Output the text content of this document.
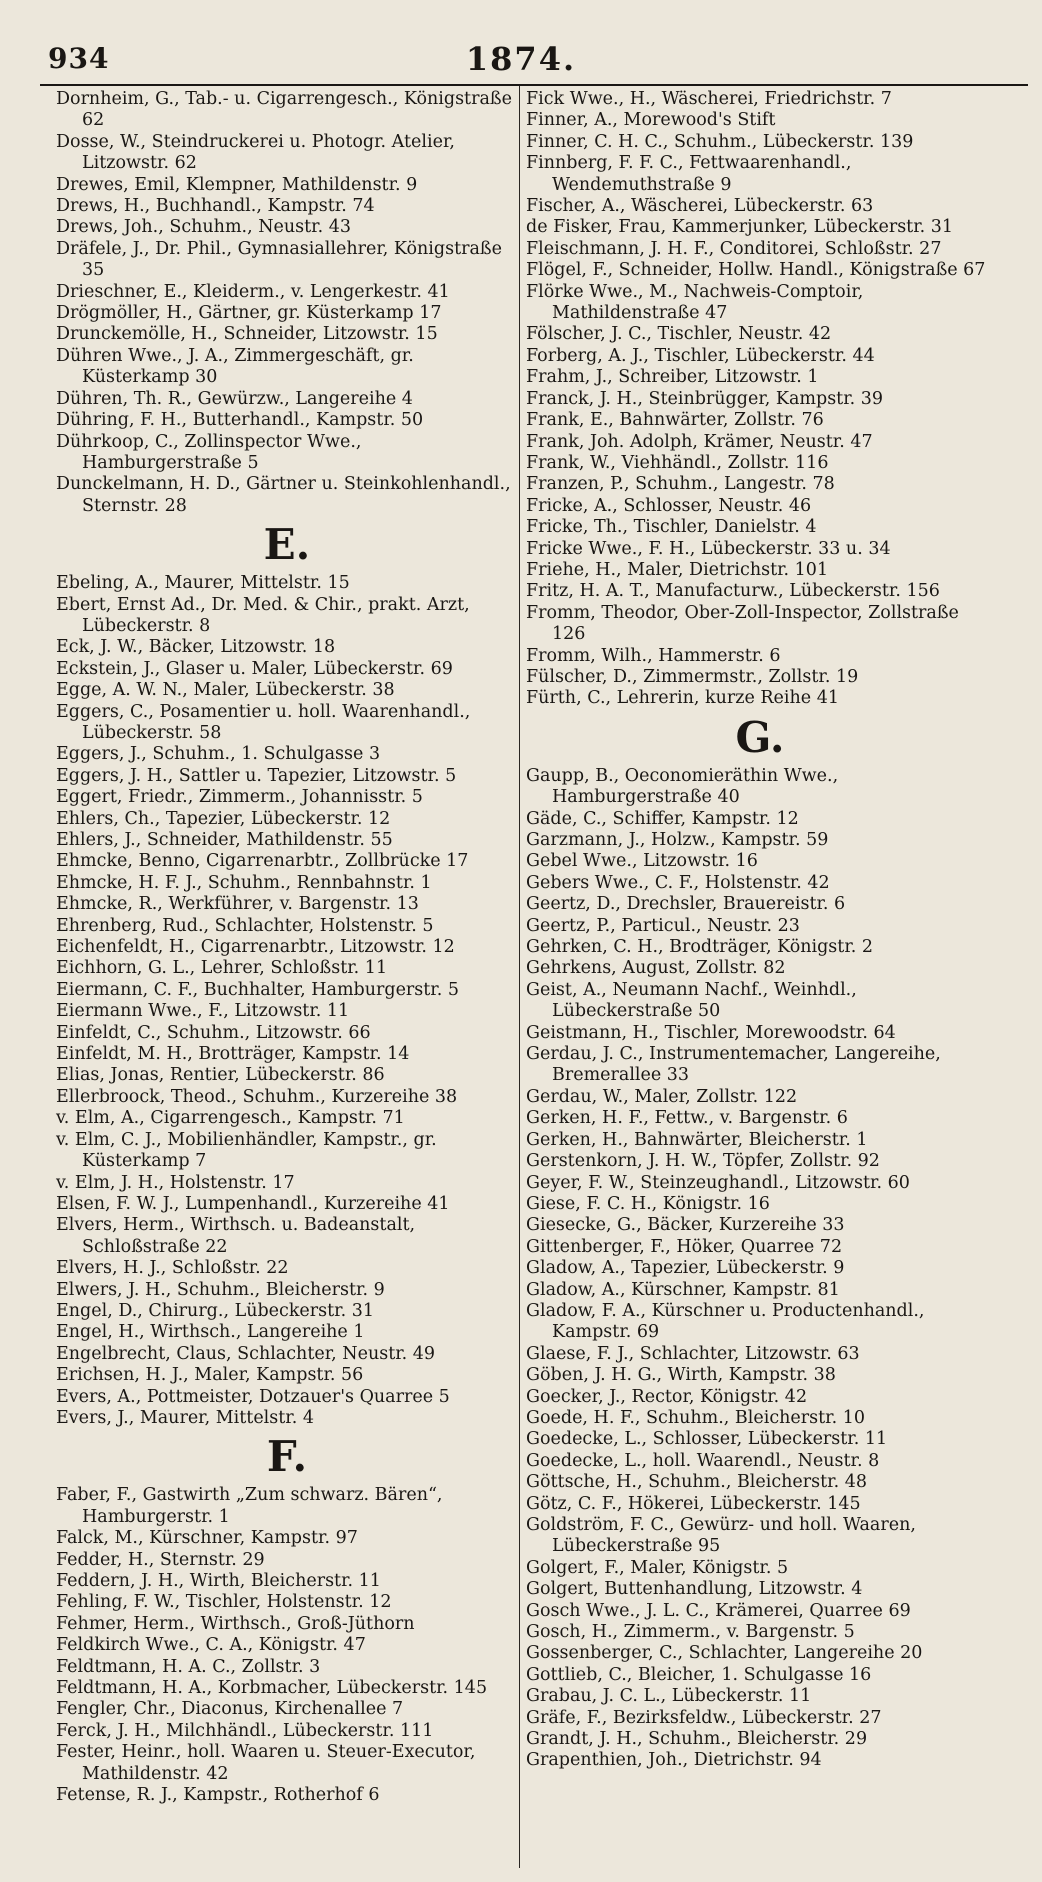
934	1874.
Dornheim, G., Tab.- u. Cigarrengesch., Königstraße 62
Dosse, W., Steindruckerei u. Photogr. Atelier, Litzowstr. 62
Drewes, Emil, Klempner, Mathildenstr. 9
Drews, H., Buchhandl., Kampstr. 74
Drews, Joh., Schuhm., Neustr. 43
Dräfele, J., Dr. Phil., Gymnasiallehrer, Königstraße 35
Drieschner, E., Kleiderm., v. Lengerkestr. 41
Drögmöller, H., Gärtner, gr. Küsterkamp 17
Drunckemölle, H., Schneider, Litzowstr. 15
Dühren Wwe., J. A., Zimmergeschäft, gr. Küsterkamp 30
Dühren, Th. R., Gewürzw., Langereihe 4
Dühring, F. H., Butterhandl., Kampstr. 50
Dührkoop, C., Zollinspector Wwe., Hamburgerstraße 5
Dunckelmann, H. D., Gärtner u. Steinkohlenhandl., Sternstr. 28
E.
Ebeling, A., Maurer, Mittelstr. 15
Ebert, Ernst Ad., Dr. Med. & Chir., prakt. Arzt, Lübeckerstr. 8
Eck, J. W., Bäcker, Litzowstr. 18
Eckstein, J., Glaser u. Maler, Lübeckerstr. 69
Egge, A. W. N., Maler, Lübeckerstr. 38
Eggers, C., Posamentier u. holl. Waarenhandl., Lübeckerstr. 58
Eggers, J., Schuhm., 1. Schulgasse 3
Eggers, J. H., Sattler u. Tapezier, Litzowstr. 5
Eggert, Friedr., Zimmerm., Johannisstr. 5
Ehlers, Ch., Tapezier, Lübeckerstr. 12
Ehlers, J., Schneider, Mathildenstr. 55
Ehmcke, Benno, Cigarrenarbtr., Zollbrücke 17
Ehmcke, H. F. J., Schuhm., Rennbahnstr. 1
Ehmcke, R., Werkführer, v. Bargenstr. 13
Ehrenberg, Rud., Schlachter, Holstenstr. 5
Eichenfeldt, H., Cigarrenarbtr., Litzowstr. 12
Eichhorn, G. L., Lehrer, Schloßstr. 11
Eiermann, C. F., Buchhalter, Hamburgerstr. 5
Eiermann Wwe., F., Litzowstr. 11
Einfeldt, C., Schuhm., Litzowstr. 66
Einfeldt, M. H., Brotträger, Kampstr. 14
Elias, Jonas, Rentier, Lübeckerstr. 86
Ellerbroock, Theod., Schuhm., Kurzereihe 38
v. Elm, A., Cigarrengesch., Kampstr. 71
v. Elm, C. J., Mobilienhändler, Kampstr., gr. Küsterkamp 7
v. Elm, J. H., Holstenstr. 17
Elsen, F. W. J., Lumpenhandl., Kurzereihe 41
Elvers, Herm., Wirthsch. u. Badeanstalt, Schloßstraße 22
Elvers, H. J., Schloßstr. 22
Elwers, J. H., Schuhm., Bleicherstr. 9
Engel, D., Chirurg., Lübeckerstr. 31
Engel, H., Wirthsch., Langereihe 1
Engelbrecht, Claus, Schlachter, Neustr. 49
Erichsen, H. J., Maler, Kampstr. 56
Evers, A., Pottmeister, Dotzauer's Quarree 5
Evers, J., Maurer, Mittelstr. 4
F.
Faber, F., Gastwirth „Zum schwarz. Bären“, Hamburgerstr. 1
Falck, M., Kürschner, Kampstr. 97
Fedder, H., Sternstr. 29
Feddern, J. H., Wirth, Bleicherstr. 11
Fehling, F. W., Tischler, Holstenstr. 12
Fehmer, Herm., Wirthsch., Groß-Jüthorn
Feldkirch Wwe., C. A., Königstr. 47
Feldtmann, H. A. C., Zollstr. 3
Feldtmann, H. A., Korbmacher, Lübeckerstr. 145
Fengler, Chr., Diaconus, Kirchenallee 7
Ferck, J. H., Milchhändl., Lübeckerstr. 111
Fester, Heinr., holl. Waaren u. Steuer-Executor, Mathildenstr. 42
Fetense, R. J., Kampstr., Rotherhof 6
Fick Wwe., H., Wäscherei, Friedrichstr. 7
Finner, A., Morewood's Stift
Finner, C. H. C., Schuhm., Lübeckerstr. 139
Finnberg, F. F. C., Fettwaarenhandl., Wendemuthstraße 9
Fischer, A., Wäscherei, Lübeckerstr. 63
de Fisker, Frau, Kammerjunker, Lübeckerstr. 31
Fleischmann, J. H. F., Conditorei, Schloßstr. 27
Flögel, F., Schneider, Hollw. Handl., Königstraße 67
Flörke Wwe., M., Nachweis-Comptoir, Mathildenstraße 47
Fölscher, J. C., Tischler, Neustr. 42
Forberg, A. J., Tischler, Lübeckerstr. 44
Frahm, J., Schreiber, Litzowstr. 1
Franck, J. H., Steinbrügger, Kampstr. 39
Frank, E., Bahnwärter, Zollstr. 76
Frank, Joh. Adolph, Krämer, Neustr. 47
Frank, W., Viehhändl., Zollstr. 116
Franzen, P., Schuhm., Langestr. 78
Fricke, A., Schlosser, Neustr. 46
Fricke, Th., Tischler, Danielstr. 4
Fricke Wwe., F. H., Lübeckerstr. 33 u. 34
Friehe, H., Maler, Dietrichstr. 101
Fritz, H. A. T., Manufacturw., Lübeckerstr. 156
Fromm, Theodor, Ober-Zoll-Inspector, Zollstraße 126
Fromm, Wilh., Hammerstr. 6
Fülscher, D., Zimmermstr., Zollstr. 19
Fürth, C., Lehrerin, kurze Reihe 41
G.
Gaupp, B., Oeconomieräthin Wwe., Hamburgerstraße 40
Gäde, C., Schiffer, Kampstr. 12
Garzmann, J., Holzw., Kampstr. 59
Gebel Wwe., Litzowstr. 16
Gebers Wwe., C. F., Holstenstr. 42
Geertz, D., Drechsler, Brauereistr. 6
Geertz, P., Particul., Neustr. 23
Gehrken, C. H., Brodträger, Königstr. 2
Gehrkens, August, Zollstr. 82
Geist, A., Neumann Nachf., Weinhdl., Lübeckerstraße 50
Geistmann, H., Tischler, Morewoodstr. 64
Gerdau, J. C., Instrumentemacher, Langereihe, Bremerallee 33
Gerdau, W., Maler, Zollstr. 122
Gerken, H. F., Fettw., v. Bargenstr. 6
Gerken, H., Bahnwärter, Bleicherstr. 1
Gerstenkorn, J. H. W., Töpfer, Zollstr. 92
Geyer, F. W., Steinzeughandl., Litzowstr. 60
Giese, F. C. H., Königstr. 16
Giesecke, G., Bäcker, Kurzereihe 33
Gittenberger, F., Höker, Quarree 72
Gladow, A., Tapezier, Lübeckerstr. 9
Gladow, A., Kürschner, Kampstr. 81
Gladow, F. A., Kürschner u. Productenhandl., Kampstr. 69
Glaese, F. J., Schlachter, Litzowstr. 63
Göben, J. H. G., Wirth, Kampstr. 38
Goecker, J., Rector, Königstr. 42
Goede, H. F., Schuhm., Bleicherstr. 10
Goedecke, L., Schlosser, Lübeckerstr. 11
Goedecke, L., holl. Waarendl., Neustr. 8
Göttsche, H., Schuhm., Bleicherstr. 48
Götz, C. F., Hökerei, Lübeckerstr. 145
Goldström, F. C., Gewürz- und holl. Waaren, Lübeckerstraße 95
Golgert, F., Maler, Königstr. 5
Golgert, Buttenhandlung, Litzowstr. 4
Gosch Wwe., J. L. C., Krämerei, Quarree 69
Gosch, H., Zimmerm., v. Bargenstr. 5
Gossenberger, C., Schlachter, Langereihe 20
Gottlieb, C., Bleicher, 1. Schulgasse 16
Grabau, J. C. L., Lübeckerstr. 11
Gräfe, F., Bezirksfeldw., Lübeckerstr. 27
Grandt, J. H., Schuhm., Bleicherstr. 29
Grapenthien, Joh., Dietrichstr. 94
